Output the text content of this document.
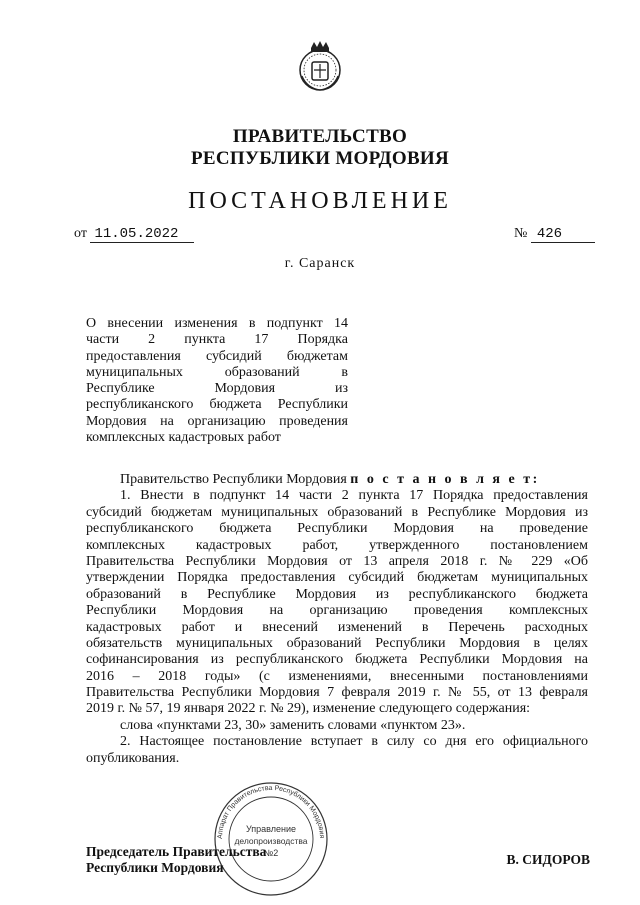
ПРАВИТЕЛЬСТВО
РЕСПУБЛИКИ МОРДОВИЯ
ПОСТАНОВЛЕНИЕ
от 11.05.2022	№ 426
г. Саранск
О внесении изменения в подпункт 14
части 2 пункта 17 Порядка
предоставления субсидий бюджетам
муниципальных образований в
Республике Мордовия из
республиканского бюджета Республики
Мордовия на организацию проведения
комплексных кадастровых работ
Правительство Республики Мордовия п о с т а н о в л я е т:
1. Внести в подпункт 14 части 2 пункта 17 Порядка предоставления
субсидий бюджетам муниципальных образований в Республике Мордовия из
республиканского бюджета Республики Мордовия на проведение
комплексных кадастровых работ, утвержденного постановлением
Правительства Республики Мордовия от 13 апреля 2018 г. № 229 «Об
утверждении Порядка предоставления субсидий бюджетам муниципальных
образований в Республике Мордовия из республиканского бюджета
Республики Мордовия на организацию проведения комплексных
кадастровых работ и внесений изменений в Перечень расходных
обязательств муниципальных образований Республики Мордовия в целях
софинансирования из республиканского бюджета Республики Мордовия на
2016 – 2018 годы» (с изменениями, внесенными постановлениями
Правительства Республики Мордовия 7 февраля 2019 г. № 55, от 13 февраля
2019 г. № 57, 19 января 2022 г. № 29), изменение следующего содержания:
слова «пунктами 23, 30» заменить словами «пунктом 23».
2. Настоящее постановление вступает в силу со дня его официального
опубликования.
Аппарат Правительства Республики Мордовия
Управление
делопроизводства
№2
Председатель Правительства
Республики Мордовия
В. СИДОРОВ
